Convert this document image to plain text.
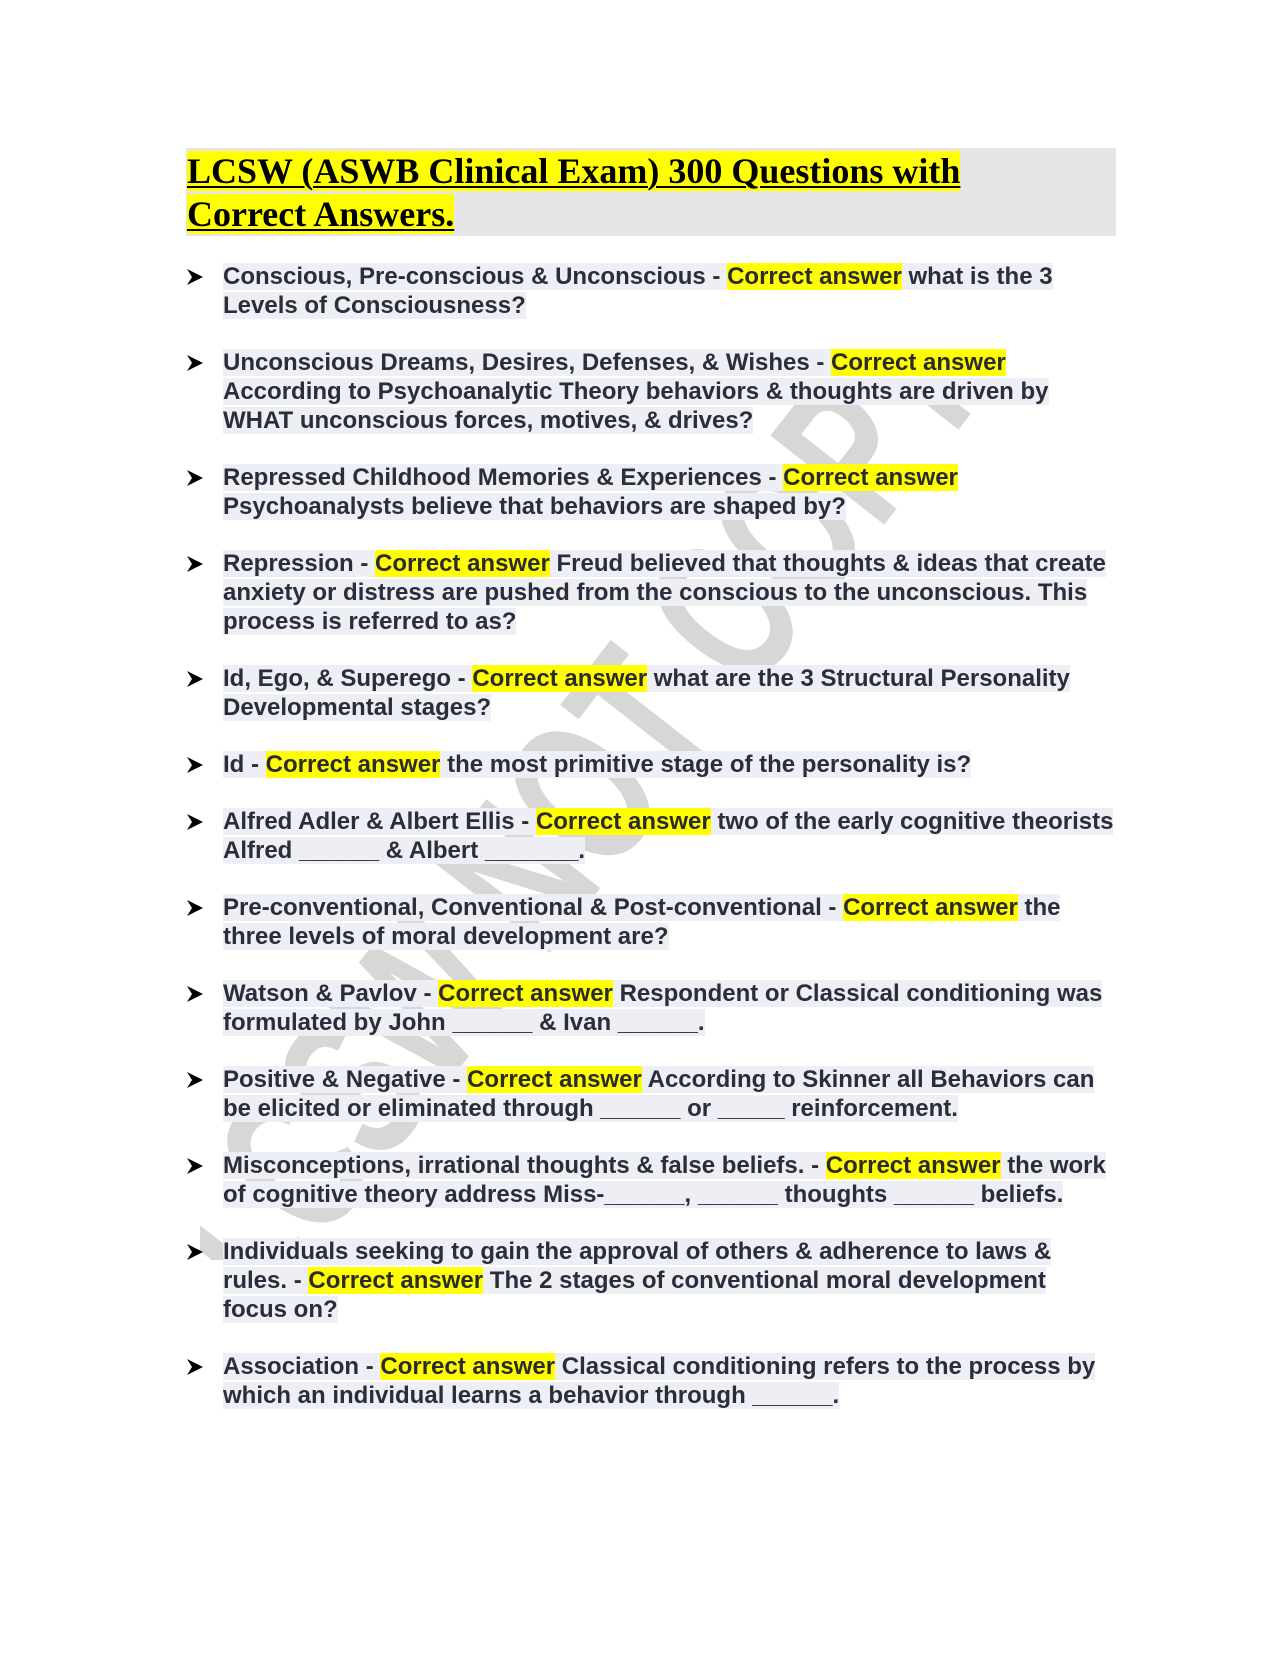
LCSW (ASWB Clinical Exam) 300 Questions with
Correct Answers.
Conscious, Pre-conscious & Unconscious - Correct answer what is the 3 Levels of Consciousness?
Unconscious Dreams, Desires, Defenses, & Wishes - Correct answer According to Psychoanalytic Theory behaviors & thoughts are driven by WHAT unconscious forces, motives, & drives?
Repressed Childhood Memories & Experiences - Correct answer Psychoanalysts believe that behaviors are shaped by?
Repression - Correct answer Freud believed that thoughts & ideas that create anxiety or distress are pushed from the conscious to the unconscious. This process is referred to as?
Id, Ego, & Superego - Correct answer what are the 3 Structural Personality Developmental stages?
Id - Correct answer the most primitive stage of the personality is?
Alfred Adler & Albert Ellis - Correct answer two of the early cognitive theorists Alfred ______ & Albert _______.
Pre-conventional, Conventional & Post-conventional - Correct answer the three levels of moral development are?
Watson & Pavlov - Correct answer Respondent or Classical conditioning was formulated by John ______ & Ivan ______.
Positive & Negative - Correct answer According to Skinner all Behaviors can be elicited or eliminated through ______ or _____ reinforcement.
Misconceptions, irrational thoughts & false beliefs. - Correct answer the work of cognitive theory address Miss-______, ______ thoughts ______ beliefs.
Individuals seeking to gain the approval of others & adherence to laws & rules. - Correct answer The 2 stages of conventional moral development focus on?
Association - Correct answer Classical conditioning refers to the process by which an individual learns a behavior through ______.
